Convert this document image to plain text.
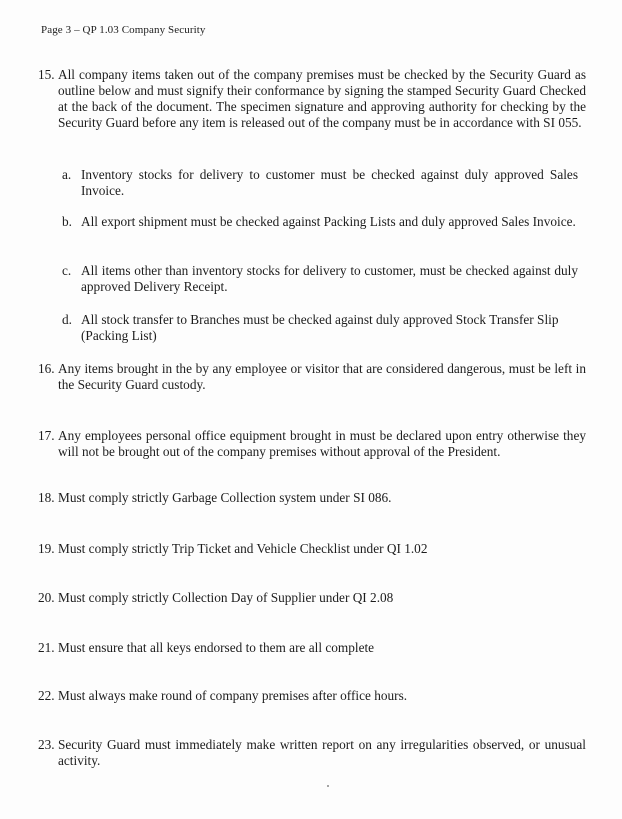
Page 3 – QP 1.03 Company Security
15. All company items taken out of the company premises must be checked by the Security Guard as outline below and must signify their conformance by signing the stamped Security Guard Checked at the back of the document. The specimen signature and approving authority for checking by the Security Guard before any item is released out of the company must be in accordance with SI 055.
a. Inventory stocks for delivery to customer must be checked against duly approved Sales Invoice.
b. All export shipment must be checked against Packing Lists and duly approved Sales Invoice.
c. All items other than inventory stocks for delivery to customer, must be checked against duly approved Delivery Receipt.
d. All stock transfer to Branches must be checked against duly approved Stock Transfer Slip (Packing List)
16. Any items brought in the by any employee or visitor that are considered dangerous, must be left in the Security Guard custody.
17. Any employees personal office equipment brought in must be declared upon entry otherwise they will not be brought out of the company premises without approval of the President.
18. Must comply strictly Garbage Collection system under SI 086.
19. Must comply strictly Trip Ticket and Vehicle Checklist under QI 1.02
20. Must comply strictly Collection Day of Supplier under QI 2.08
21. Must ensure that all keys endorsed to them are all complete
22. Must always make round of company premises after office hours.
23. Security Guard must immediately make written report on any irregularities observed, or unusual activity.
